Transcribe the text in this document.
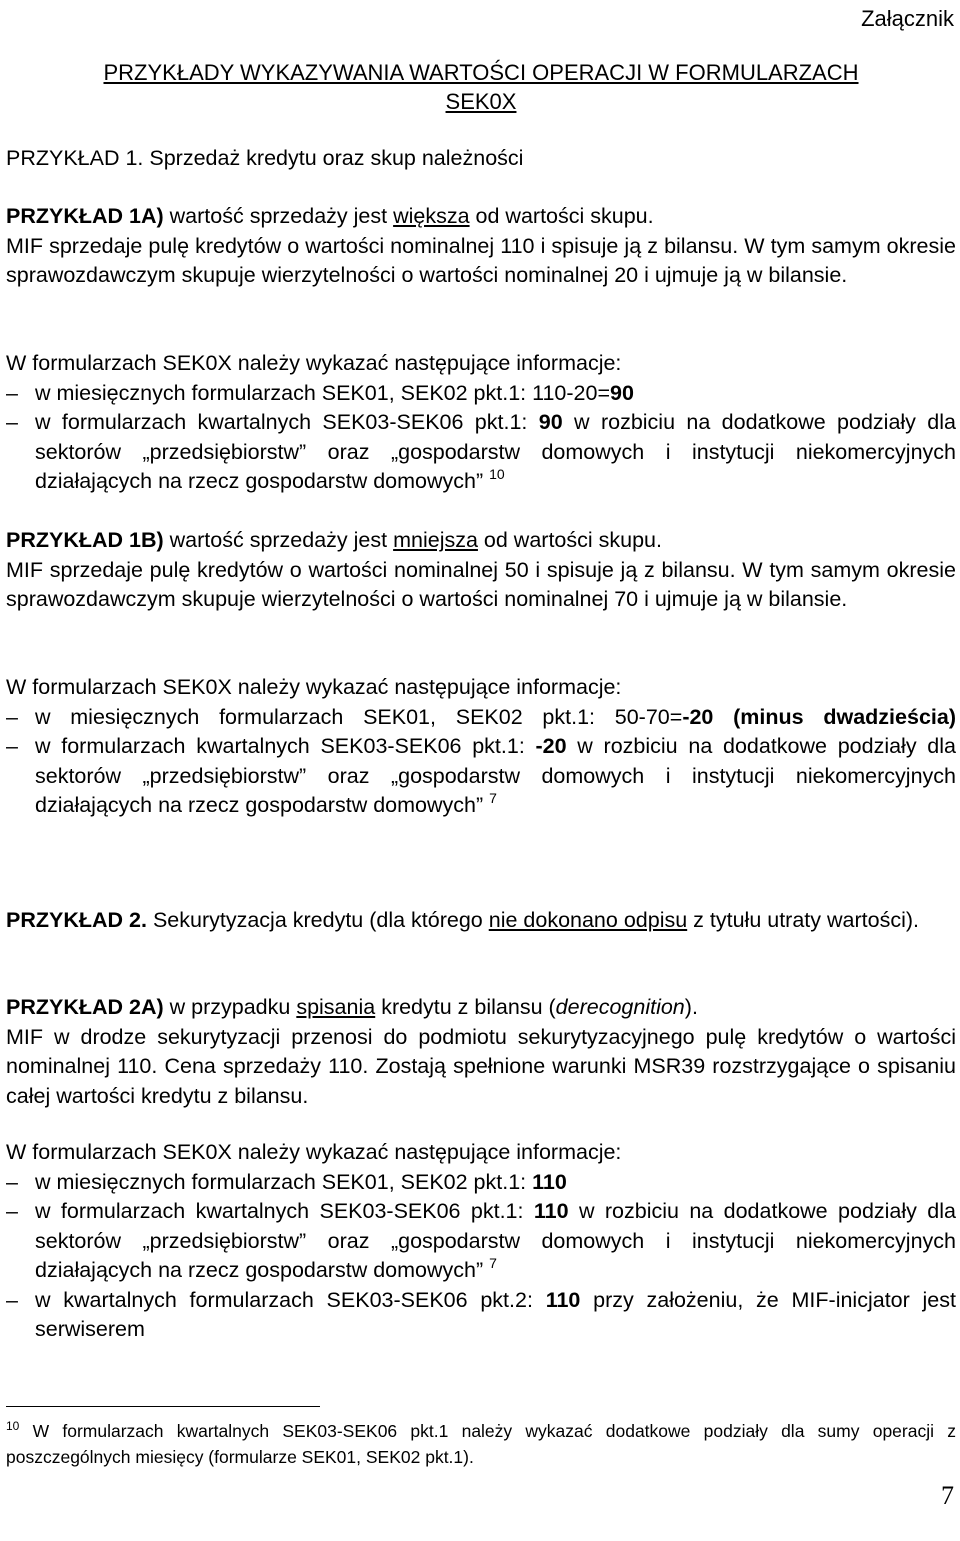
Załącznik
PRZYKŁADY WYKAZYWANIA WARTOŚCI OPERACJI W FORMULARZACH
SEK0X
PRZYKŁAD 1. Sprzedaż kredytu oraz skup należności

PRZYKŁAD 1A) wartość sprzedaży jest większa od wartości skupu.

MIF sprzedaje pulę kredytów o wartości nominalnej 110 i spisuje ją z bilansu. W tym samym okresie sprawozdawczym skupuje wierzytelności o wartości nominalnej 20 i ujmuje ją w bilansie.

W formularzach SEK0X należy wykazać następujące informacje:

– w miesięcznych formularzach SEK01, SEK02 pkt.1: 110-20=90
– w formularzach kwartalnych SEK03-SEK06 pkt.1: 90 w rozbiciu na dodatkowe podziały dla sektorów „przedsiębiorstw” oraz „gospodarstw domowych i instytucji niekomercyjnych działających na rzecz gospodarstw domowych” $^{10}$

PRZYKŁAD 1B) wartość sprzedaży jest mniejsza od wartości skupu.

MIF sprzedaje pulę kredytów o wartości nominalnej 50 i spisuje ją z bilansu. W tym samym okresie sprawozdawczym skupuje wierzytelności o wartości nominalnej 70 i ujmuje ją w bilansie.

W formularzach SEK0X należy wykazać następujące informacje:

– w miesięcznych formularzach SEK01, SEK02 pkt.1: 50-70=-20 (minus dwadzieścia)
– w formularzach kwartalnych SEK03-SEK06 pkt.1: -20 w rozbiciu na dodatkowe podziały dla sektorów „przedsiębiorstw” oraz „gospodarstw domowych i instytucji niekomercyjnych działających na rzecz gospodarstw domowych” $^7$

PRZYKŁAD 2. Sekurytyzacja kredytu (dla którego nie dokonano odpisu z tytułu utraty wartości).

PRZYKŁAD 2A) w przypadku spisania kredytu z bilansu (derecognition).

MIF w drodze sekurytyzacji przenosi do podmiotu sekurytyzacyjnego pulę kredytów o wartości nominalnej 110. Cena sprzedaży 110. Zostają spełnione warunki MSR39 rozstrzygające o spisaniu całej wartości kredytu z bilansu.

W formularzach SEK0X należy wykazać następujące informacje:

– w miesięcznych formularzach SEK01, SEK02 pkt.1: 110
– w formularzach kwartalnych SEK03-SEK06 pkt.1: 110 w rozbiciu na dodatkowe podziały dla sektorów „przedsiębiorstw” oraz „gospodarstw domowych i instytucji niekomercyjnych działających na rzecz gospodarstw domowych” $^7$
– w kwartalnych formularzach SEK03-SEK06 pkt.2: 110 przy założeniu, że MIF-inicjator jest serwiserem
$^{10}$ W formularzach kwartalnych SEK03-SEK06 pkt.1 należy wykazać dodatkowe podziały dla sumy operacji z poszczególnych miesięcy (formularze SEK01, SEK02 pkt.1).
7
